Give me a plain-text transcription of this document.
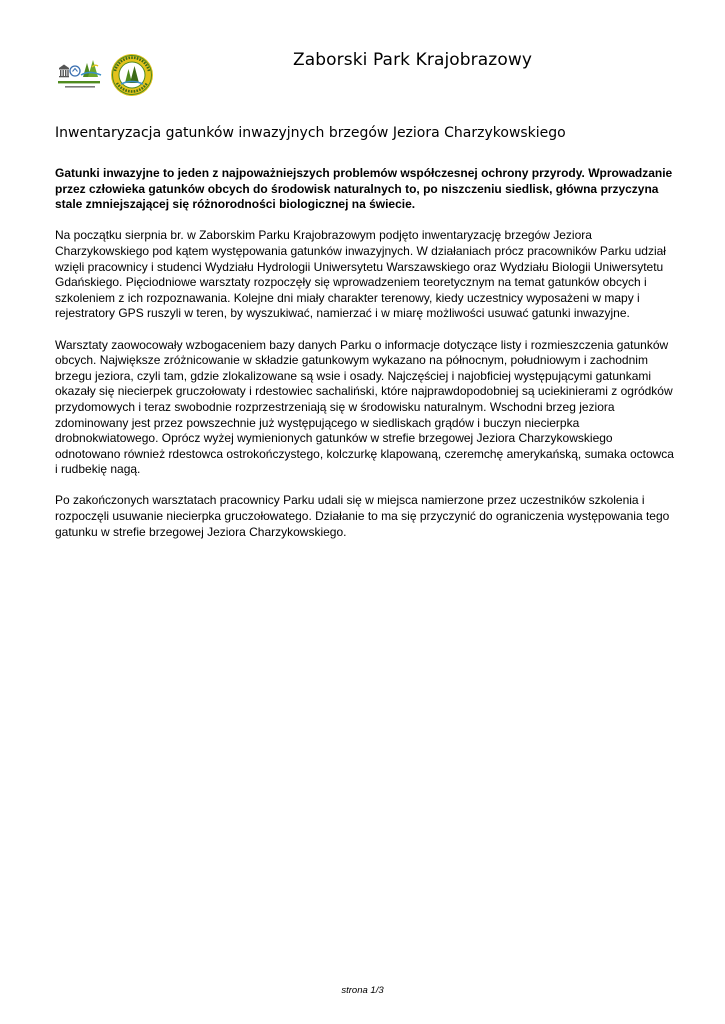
Zaborski Park Krajobrazowy
Inwentaryzacja gatunków inwazyjnych brzegów Jeziora Charzykowskiego

Gatunki inwazyjne to jeden z najpoważniejszych problemów współczesnej ochrony przyrody. Wprowadzanie przez człowieka gatunków obcych do środowisk naturalnych to, po niszczeniu siedlisk, główna przyczyna stale zmniejszającej się różnorodności biologicznej na świecie.

Na początku sierpnia br. w Zaborskim Parku Krajobrazowym podjęto inwentaryzację brzegów Jeziora Charzykowskiego pod kątem występowania gatunków inwazyjnych. W działaniach prócz pracowników Parku udział wzięli pracownicy i studenci Wydziału Hydrologii Uniwersytetu Warszawskiego oraz Wydziału Biologii Uniwersytetu Gdańskiego. Pięciodniowe warsztaty rozpoczęły się wprowadzeniem teoretycznym na temat gatunków obcych i szkoleniem z ich rozpoznawania. Kolejne dni miały charakter terenowy, kiedy uczestnicy wyposażeni w mapy i rejestratory GPS ruszyli w teren, by wyszukiwać, namierzać i w miarę możliwości usuwać gatunki inwazyjne.

Warsztaty zaowocowały wzbogaceniem bazy danych Parku o informacje dotyczące listy i rozmieszczenia gatunków obcych. Największe zróżnicowanie w składzie gatunkowym wykazano na północnym, południowym i zachodnim brzegu jeziora, czyli tam, gdzie zlokalizowane są wsie i osady. Najczęściej i najobficiej występującymi gatunkami okazały się niecierpek gruczołowaty i rdestowiec sachaliński, które najprawdopodobniej są uciekinierami z ogródków przydomowych i teraz swobodnie rozprzestrzeniają się w środowisku naturalnym. Wschodni brzeg jeziora zdominowany jest przez powszechnie już występującego w siedliskach grądów i buczyn niecierpka drobnokwiatowego. Oprócz wyżej wymienionych gatunków w strefie brzegowej Jeziora Charzykowskiego odnotowano również rdestowca ostrokończystego, kolczurkę klapowaną, czeremchę amerykańską, sumaka octowca i rudbekię nagą.

Po zakończonych warsztatach pracownicy Parku udali się w miejsca namierzone przez uczestników szkolenia i rozpoczęli usuwanie niecierpka gruczołowatego. Działanie to ma się przyczynić do ograniczenia występowania tego gatunku w strefie brzegowej Jeziora Charzykowskiego.

strona 1/3
